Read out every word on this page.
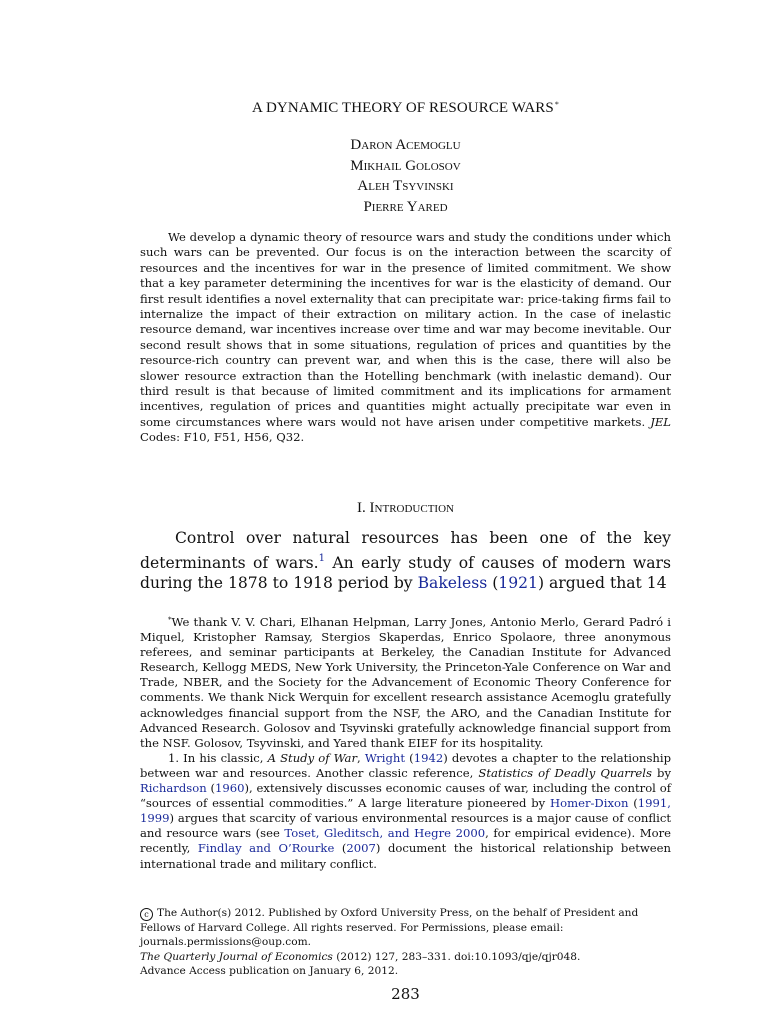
A DYNAMIC THEORY OF RESOURCE WARS*
Daron Acemoglu
Mikhail Golosov
Aleh Tsyvinski
Pierre Yared

We develop a dynamic theory of resource wars and study the conditions under which such wars can be prevented. Our focus is on the interaction between the scarcity of resources and the incentives for war in the presence of limited commitment. We show that a key parameter determining the incentives for war is the elasticity of demand. Our first result identifies a novel externality that can precipitate war: price-taking firms fail to internalize the impact of their extraction on military action. In the case of inelastic resource demand, war incentives increase over time and war may become inevitable. Our second result shows that in some situations, regulation of prices and quantities by the resource-rich country can prevent war, and when this is the case, there will also be slower resource extraction than the Hotelling benchmark (with inelastic demand). Our third result is that because of limited commitment and its implications for armament incentives, regulation of prices and quantities might actually precipitate war even in some circumstances where wars would not have arisen under competitive markets. JEL Codes: F10, F51, H56, Q32.

I. Introduction

Control over natural resources has been one of the key determinants of wars.$^1$ An early study of causes of modern wars during the 1878 to 1918 period by Bakeless (1921) argued that 14

*We thank V. V. Chari, Elhanan Helpman, Larry Jones, Antonio Merlo, Gerard Padró i Miquel, Kristopher Ramsay, Stergios Skaperdas, Enrico Spolaore, three anonymous referees, and seminar participants at Berkeley, the Canadian Institute for Advanced Research, Kellogg MEDS, New York University, the Princeton-Yale Conference on War and Trade, NBER, and the Society for the Advancement of Economic Theory Conference for comments. We thank Nick Werquin for excellent research assistance Acemoglu gratefully acknowledges financial support from the NSF, the ARO, and the Canadian Institute for Advanced Research. Golosov and Tsyvinski gratefully acknowledge financial support from the NSF. Golosov, Tsyvinski, and Yared thank EIEF for its hospitality.

1. In his classic, A Study of War, Wright (1942) devotes a chapter to the relationship between war and resources. Another classic reference, Statistics of Deadly Quarrels by Richardson (1960), extensively discusses economic causes of war, including the control of “sources of essential commodities.” A large literature pioneered by Homer-Dixon (1991, 1999) argues that scarcity of various environmental resources is a major cause of conflict and resource wars (see Toset, Gleditsch, and Hegre 2000, for empirical evidence). More recently, Findlay and O’Rourke (2007) document the historical relationship between international trade and military conflict.

c The Author(s) 2012. Published by Oxford University Press, on the behalf of President and Fellows of Harvard College. All rights reserved. For Permissions, please email: journals.permissions@oup.com.

The Quarterly Journal of Economics (2012) 127, 283–331. doi:10.1093/qje/qjr048.

Advance Access publication on January 6, 2012.

283
